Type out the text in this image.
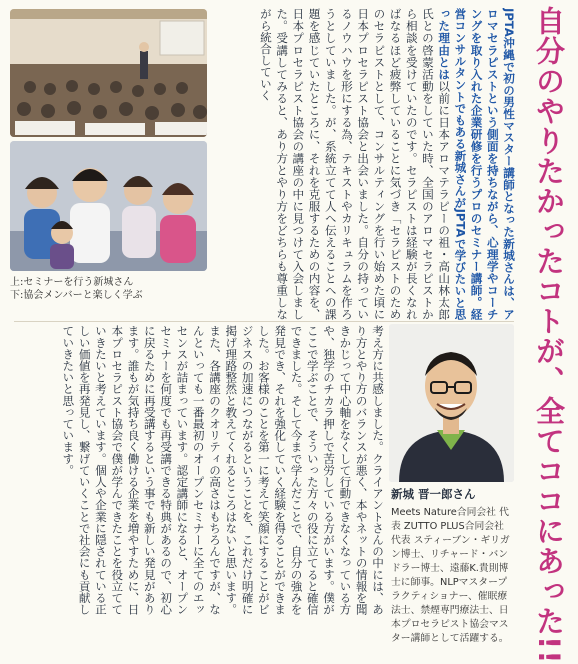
上:セミナーを行う新城さん
下:協会メンバーと楽しく学ぶ	JPTA沖縄で初の男性マスター講師となった新城さんは、アロマセラピストという側面を持ちながら、心理学やコーチングを取り入れた企業研修を行うプロのセミナー講師。経営コンサルタントでもある新城さんがJPTAで学びたいと思った理由とは以前に日本アロマテラピーの祖・高山林太郎氏との啓蒙活動をしていた時、全国のアロマセラピストから相談を受けていたのです。セラピストは経験が長くなればなるほど疲弊していることに気づき「セラピストのためのセラピストとして、コンサルティングを行い始めた頃に日本プロセラピスト協会と出会いました。自分の持っているノウハウを形にする為、テキストやカリキュラムを作ろうとしていました。が、系統立てて人へ伝えることへの課題を感じていたところに、それを克服するための内容を、日本プロセラピスト協会の講座の中に見つけて入会しました。受講してみると、あり方とやり方をどちらも尊重しながら統合していく	自分のやりたかったコトが、全てココにあった!!
考え方に共感しました。クライアントさんの中には、あり方とやり方のバランスが悪く、本やネットの情報を聞きかじって中心軸をなくして行動できなくなっている方や、独学のチカラ押しで苦労している方がいます。僕がここで学ぶことで、そういった方々の役に立てると確信できました。そして今まで学んだことで、自分の強みを発見でき、それを強化していく経験を得ることができました。お客様のことを第一に考えて笑顔にすることがビジネスの加速につながるということを、これだけ明確に掲げ理路整然と教えてくれるところはないと思います。また、各講座のクオリティの高さはもちろんですが、なんといっても一番最初のオープンセミナーに全てのエッセンスが詰まっています。認定講師になると、オープンセミナーを何度でも再受講できる特典があるので、初心に戻るために再受講するという事でも新しい発見があります。誰もが気持ち良く働ける企業を増やすために、日本プロセラピスト協会で僕が学んできたことを役立てていきたいと考えています。個人や企業に隠されている正しい価値を再発見し、繋げていくことで社会にも貢献していきたいと思っています。
新城 晋一郎さん
Meets Nature合同会社 代表 ZUTTO PLUS合同会社 代表 スティーブン・ギリガン博士、リチャード・バンドラー博士、遠藤K.貴則博士に師事。NLPマスタープラクティショナー、催眠療法士、禁煙専門療法士、日本プロセラピスト協会マスター講師として活躍する。
